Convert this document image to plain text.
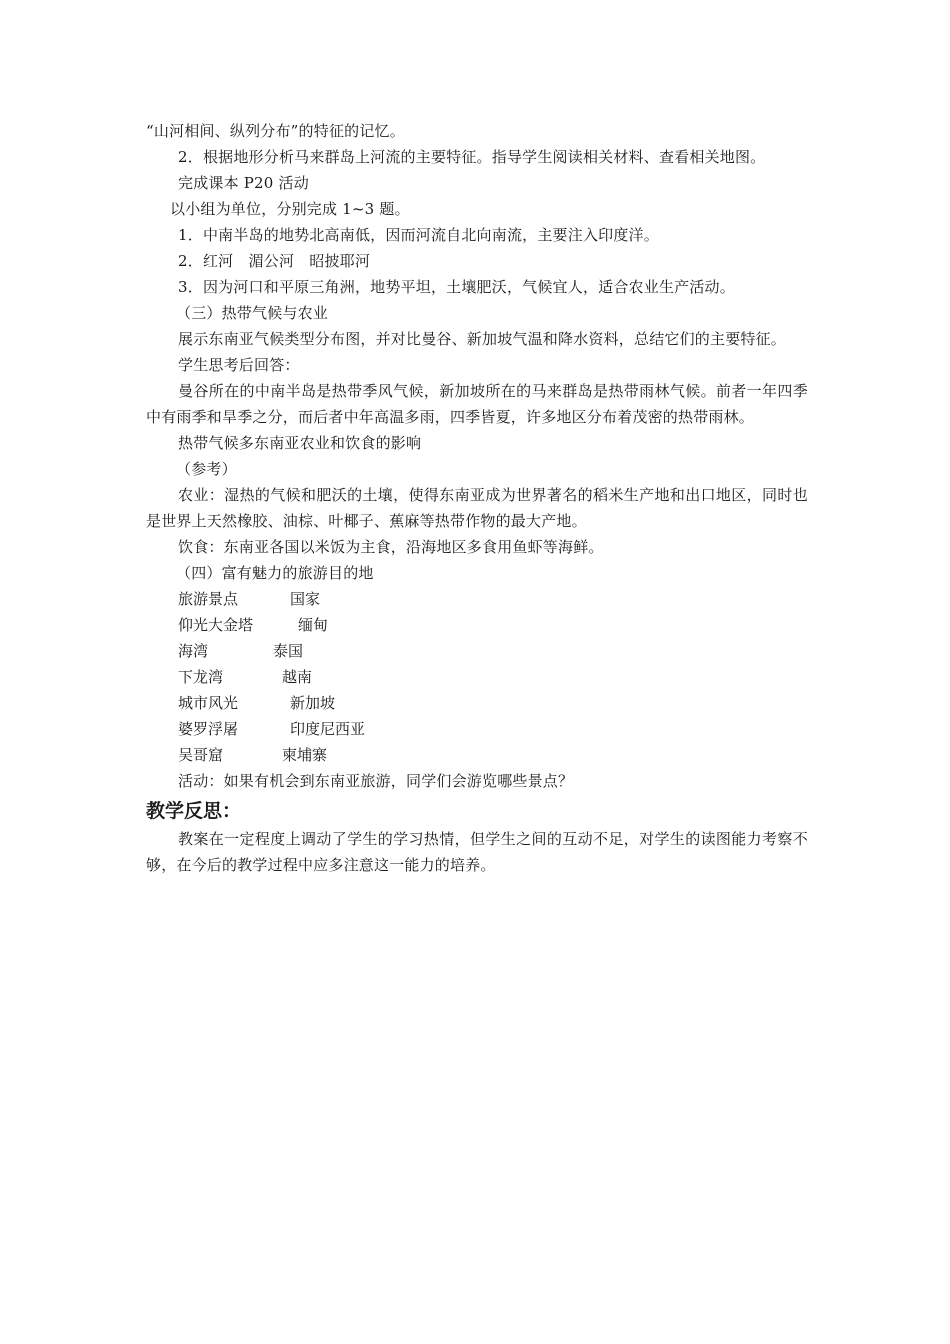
“山河相间、纵列分布”的特征的记忆。
2．根据地形分析马来群岛上河流的主要特征。指导学生阅读相关材料、查看相关地图。
完成课本 P20 活动
以小组为单位，分别完成 1~3 题。
1．中南半岛的地势北高南低，因而河流自北向南流，主要注入印度洋。
2．红河　湄公河　昭披耶河
3．因为河口和平原三角洲，地势平坦，土壤肥沃，气候宜人，适合农业生产活动。
（三）热带气候与农业
展示东南亚气候类型分布图，并对比曼谷、新加坡气温和降水资料，总结它们的主要特征。
学生思考后回答：
曼谷所在的中南半岛是热带季风气候，新加坡所在的马来群岛是热带雨林气候。前者一年四季中有雨季和旱季之分，而后者中年高温多雨，四季皆夏，许多地区分布着茂密的热带雨林。
热带气候多东南亚农业和饮食的影响
（参考）
农业：湿热的气候和肥沃的土壤，使得东南亚成为世界著名的稻米生产地和出口地区，同时也是世界上天然橡胶、油棕、叶椰子、蕉麻等热带作物的最大产地。
饮食：东南亚各国以米饭为主食，沿海地区多食用鱼虾等海鲜。
（四）富有魅力的旅游目的地
旅游景点	国家
仰光大金塔	缅甸
海湾	泰国
下龙湾	越南
城市风光	新加坡
婆罗浮屠	印度尼西亚
吴哥窟	柬埔寨
活动：如果有机会到东南亚旅游，同学们会游览哪些景点？
教学反思：
教案在一定程度上调动了学生的学习热情，但学生之间的互动不足，对学生的读图能力考察不够，在今后的教学过程中应多注意这一能力的培养。
